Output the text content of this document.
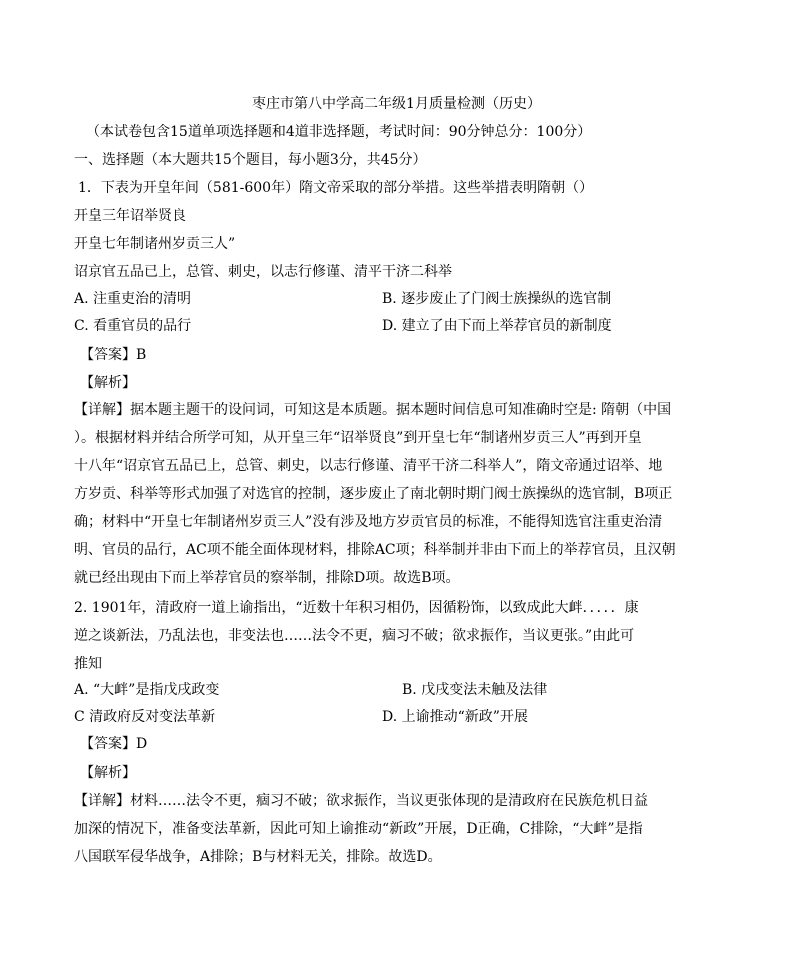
枣庄市第八中学高二年级1月质量检测（历史）
（本试卷包含15道单项选择题和4道非选择题，考试时间：90分钟总分：100分）
一、选择题（本大题共15个题目，每小题3分，共45分）
1．下表为开皇年间（581-600年）隋文帝采取的部分举措。这些举措表明隋朝（）
开皇三年诏举贤良
开皇七年制诸州岁贡三人”
诏京官五品已上，总管、刺史，以志行修谨、清平干济二科举
A. 注重吏治的清明	B. 逐步废止了门阀士族操纵的选官制
C. 看重官员的品行	D. 建立了由下而上举荐官员的新制度
【答案】B
【解析】
【详解】据本题主题干的设问词，可知这是本质题。据本题时间信息可知准确时空是: 隋朝（中国
）。根据材料并结合所学可知，从开皇三年“诏举贤良”到开皇七年“制诸州岁贡三人”再到开皇
十八年“诏京官五品已上，总管、刺史，以志行修谨、清平干济二科举人”，隋文帝通过诏举、地
方岁贡、科举等形式加强了对选官的控制，逐步废止了南北朝时期门阀士族操纵的选官制，B项正
确；材料中“开皇七年制诸州岁贡三人”没有涉及地方岁贡官员的标准，不能得知选官注重吏治清
明、官员的品行，AC项不能全面体现材料，排除AC项；科举制并非由下而上的举荐官员，且汉朝
就已经出现由下而上举荐官员的察举制，排除D项。故选B项。
2. 1901年，清政府一道上谕指出，“近数十年积习相仍，因循粉饰，以致成此大衅．．．．．康
逆之谈新法，乃乱法也，非变法也……法令不更，痼习不破；欲求振作，当议更张。”由此可
推知
A. “大衅”是指戊戌政变	B. 戊戌变法未触及法律
C 清政府反对变法革新	D. 上谕推动“新政”开展
【答案】D
【解析】
【详解】材料……法令不更，痼习不破；欲求振作，当议更张体现的是清政府在民族危机日益
加深的情况下，准备变法革新，因此可知上谕推动“新政”开展，D正确，C排除，“大衅”是指
八国联军侵华战争，A排除；B与材料无关，排除。故选D。
